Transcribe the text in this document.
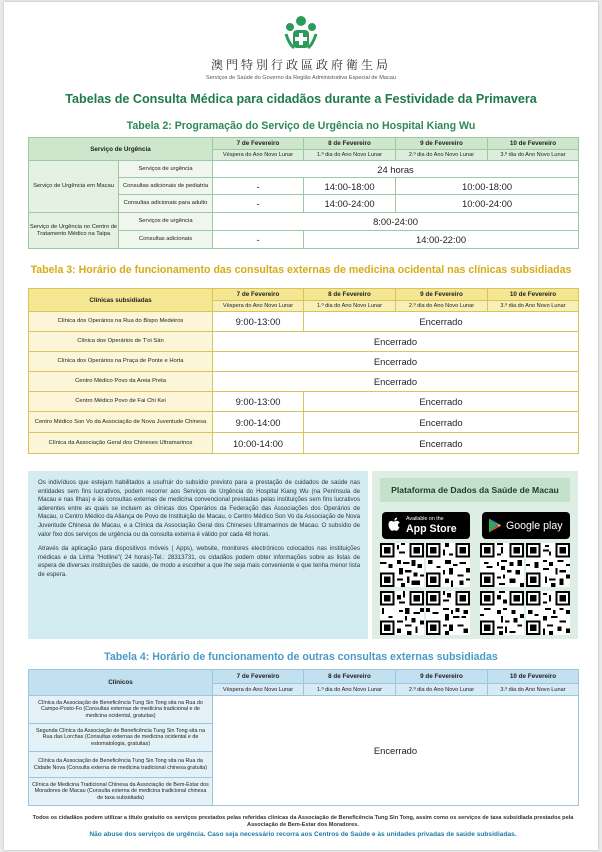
澳門特別行政區政府衛生局
Serviços de Saúde do Governo da Região Administrativa Especial de Macau
Tabelas de Consulta Médica para cidadãos durante a Festividade da Primavera
Tabela 2: Programação do Serviço de Urgência no Hospital Kiang Wu
Serviço de Urgência		7 de Fevereiro	8 de Fevereiro	9 de Fevereiro	10 de Fevereiro
		Véspera do Ano Novo Lunar	1.º dia do Ano Novo Lunar	2.º dia do Ano Novo Lunar	3.º dia do Ano Novo Lunar
Serviço de Urgência em Macau	Serviços de urgência	24 horas			
	Consultas adicionais de pediatria	-	14:00-18:00	10:00-18:00	
	Consultas adicionais para adulto	-	14:00-24:00	10:00-24:00	
Serviço de Urgência no Centro de Tratamento Médico na Taipa	Serviços de urgência	8:00-24:00			
	Consultas adicionais	-	14:00-22:00		
Tabela 3: Horário de funcionamento das consultas externas de medicina ocidental nas clínicas subsidiadas
Clínicas subsidiadas	7 de Fevereiro	8 de Fevereiro	9 de Fevereiro	10 de Fevereiro
	Véspera do Ano Novo Lunar	1.º dia do Ano Novo Lunar	2.º dia do Ano Novo Lunar	3.º dia do Ano Novo Lunar
Clínica dos Operários na Rua do Bispo Medeiros	9:00-13:00	Encerrado		
Clínica dos Operários de T'oi Sán	Encerrado			
Clínica dos Operários na Praça de Ponte e Horta	Encerrado			
Centro Médico Povo da Areia Preta	Encerrado			
Centro Médico Povo de Fai Chi Kei	9:00-13:00	Encerrado		
Centro Médico Son Vo da Associação de Nova Juventude Chinesa	9:00-14:00	Encerrado		
Clínica da Associação Geral dos Chineses Ultramarinos	10:00-14:00	Encerrado		

Os indivíduos que estejam habilitados a usufruir do subsídio previsto para a prestação de cuidados de saúde nas entidades sem fins lucrativos, podem recorrer aos Serviços de Urgência do Hospital Kiang Wu (na Península de Macau e nas Ilhas) e às consultas externas de medicina convencional prestadas pelas instituições sem fins lucrativos aderentes entre as quais se incluem as clínicas dos Operários da Federação das Associações dos Operários de Macau, o Centro Médico da Aliança de Povo de Instituição de Macau, o Centro Médico Son Vo da Associação de Nova Juventude Chinesa de Macau, e a Clínica da Associação Geral dos Chineses Ultramarinos de Macau. O subsídio de valor fixo dos serviços de urgência ou da consulta externa é válido por cada 48 horas.

Através da aplicação para dispositivos móveis ( Apps), website, monitores electrónicos colocados nas instituições médicas e da Linha "Hotline"( 24 horas)-Tel.: 28313731, os cidadãos podem obter informações sobre as listas de espera de diversas instituições de saúde, de modo a escolher a que lhe seja mais conveniente e que tenha menor lista de espera.

Plataforma de Dados da Saúde de Macau
Available on the
App Store	Google play
Tabela 4: Horário de funcionamento de outras consultas externas subsidiadas
Clínicos	7 de Fevereiro	8 de Fevereiro	9 de Fevereiro	10 de Fevereiro
	Véspera do Ano Novo Lunar	1.º dia do Ano Novo Lunar	2.º dia do Ano Novo Lunar	3.º dia do Ano Novo Lunar
Clínica da Associação de Beneficência Tung Sin Tong sita na Rua do Campo-Posto-Fo (Consultas externas de medicina tradicional e de medicina ocidental, gratuitas)	Encerrado			
Segunda Clínica da Associação de Beneficência Tung Sin Tong sita na Rua das Lorchas (Consultas externas de medicina ocidental e de estomatologia, gratuitas)				
Clínica da Associação de Beneficência Tung Sin Tong sita na Rua da Cidade Nova (Consulta externa de medicina tradicional chinesa gratuita)				
Clínica de Medicina Tradicional Chinesa da Associação de Bem-Estar dos Moradores de Macau (Consulta externa de medicina tradicional chinesa de taxa subsidiada)				
Todos os cidadãos podem utilizar a título gratuito os serviços prestados pelas referidas clínicas da Associação de Beneficência Tung Sin Tong, assim como os serviços de taxa subsidiada prestados pela Associação de Bem-Estar dos Moradores.
Não abuse dos serviços de urgência. Caso seja necessário recorra aos Centros de Saúde e às unidades privadas de saúde subsidiadas.
